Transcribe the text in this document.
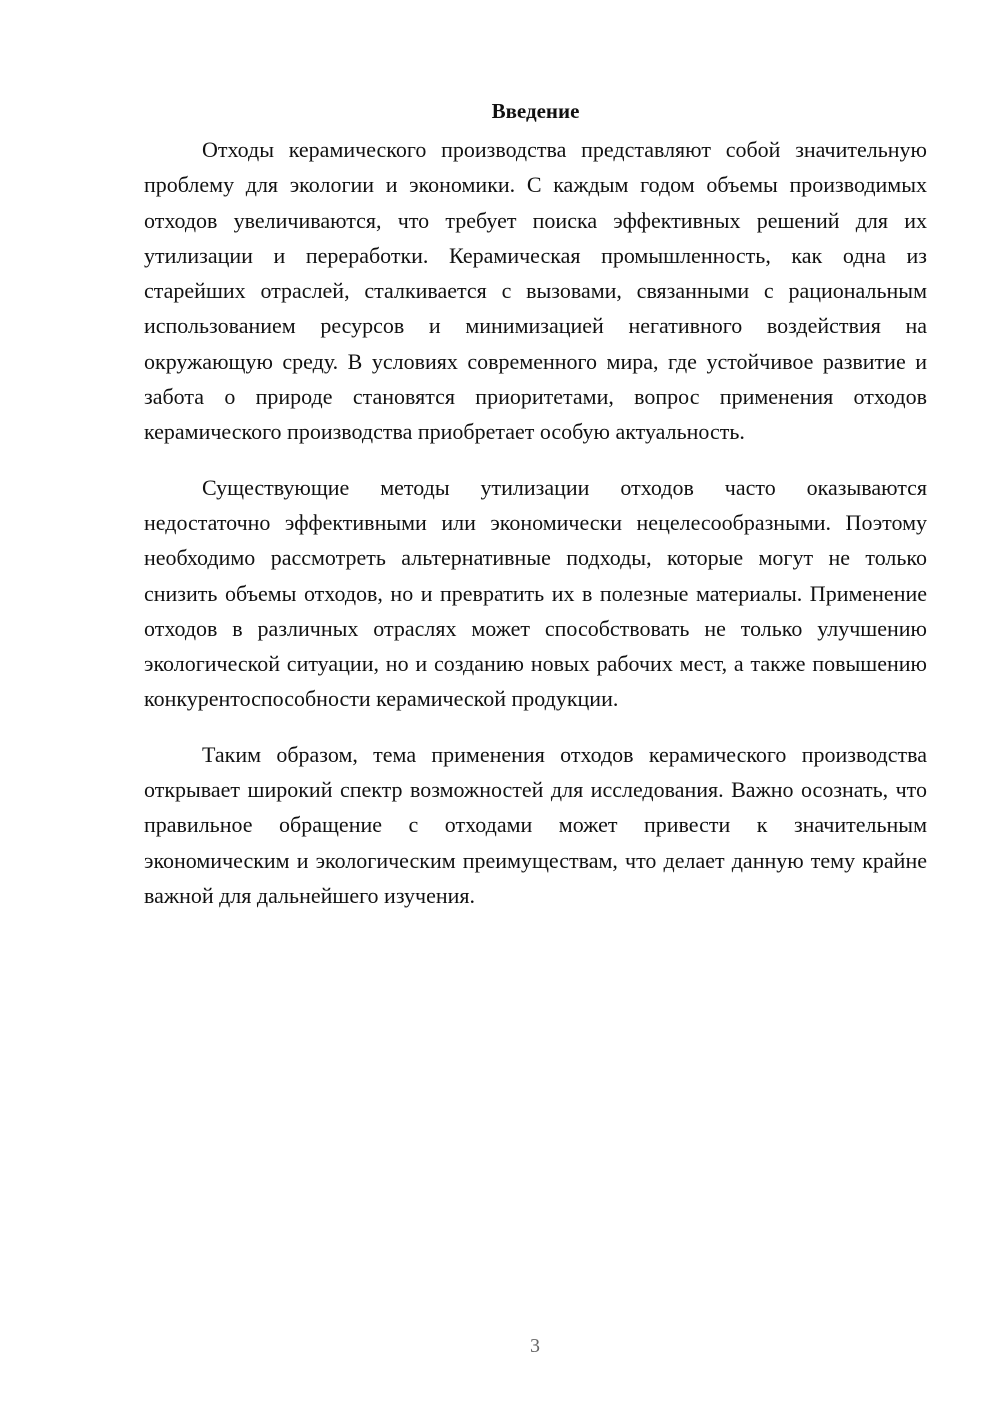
Введение

Отходы керамического производства представляют собой значительную проблему для экологии и экономики. С каждым годом объемы производимых отходов увеличиваются, что требует поиска эффективных решений для их утилизации и переработки. Керамическая промышленность, как одна из старейших отраслей, сталкивается с вызовами, связанными с рациональным использованием ресурсов и минимизацией негативного воздействия на окружающую среду. В условиях современного мира, где устойчивое развитие и забота о природе становятся приоритетами, вопрос применения отходов керамического производства приобретает особую актуальность.

Существующие методы утилизации отходов часто оказываются недостаточно эффективными или экономически нецелесообразными. Поэтому необходимо рассмотреть альтернативные подходы, которые могут не только снизить объемы отходов, но и превратить их в полезные материалы. Применение отходов в различных отраслях может способствовать не только улучшению экологической ситуации, но и созданию новых рабочих мест, а также повышению конкурентоспособности керамической продукции.

Таким образом, тема применения отходов керамического производства открывает широкий спектр возможностей для исследования. Важно осознать, что правильное обращение с отходами может привести к значительным экономическим и экологическим преимуществам, что делает данную тему крайне важной для дальнейшего изучения.

3
